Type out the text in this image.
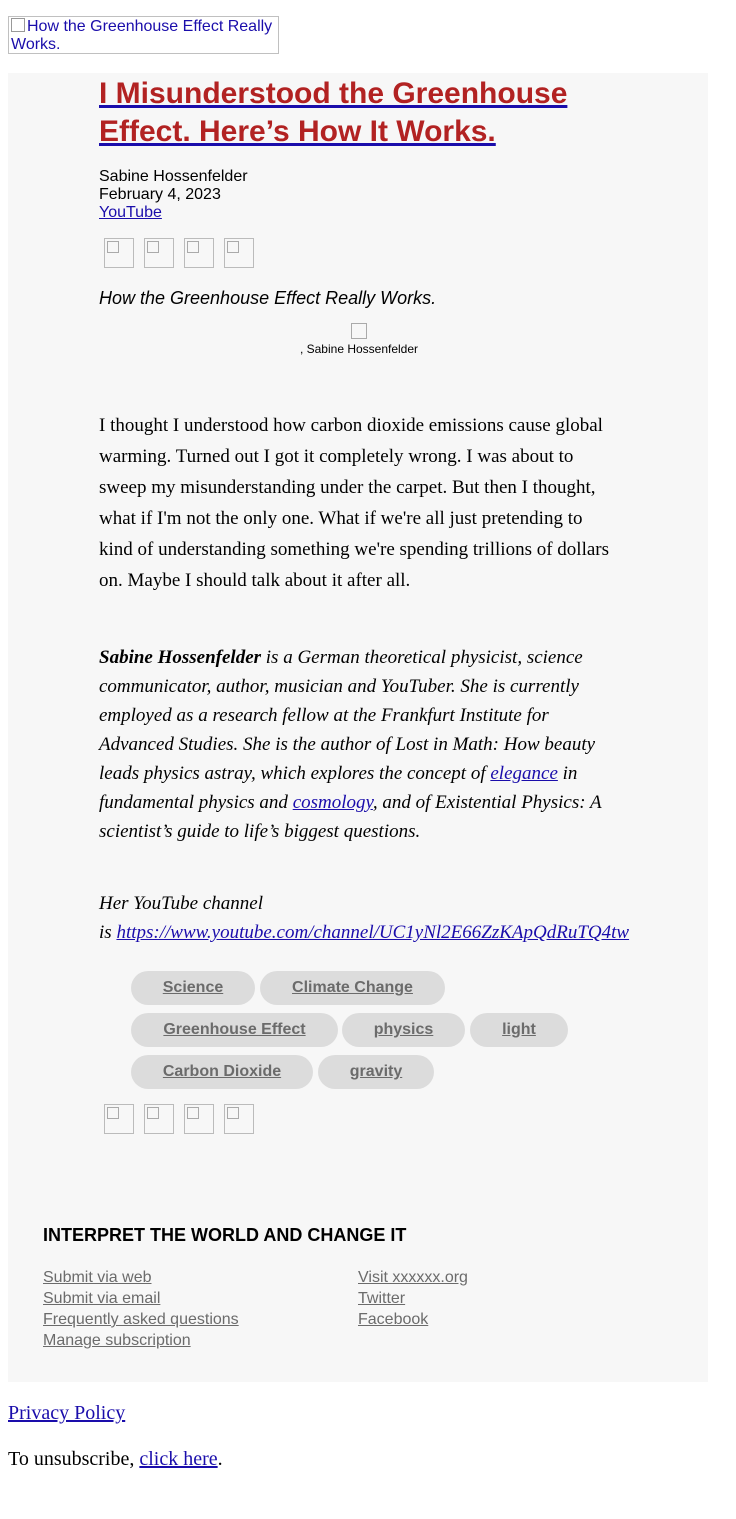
How the Greenhouse Effect Really Works.
I Misunderstood the Greenhouse Effect. Here’s How It Works.
Sabine Hossenfelder
February 4, 2023
YouTube
How the Greenhouse Effect Really Works.
, Sabine Hossenfelder

I thought I understood how carbon dioxide emissions cause global warming. Turned out I got it completely wrong. I was about to sweep my misunderstanding under the carpet. But then I thought, what if I'm not the only one. What if we're all just pretending to kind of understanding something we're spending trillions of dollars on. Maybe I should talk about it after all.

Sabine Hossenfelder is a German theoretical physicist, science communicator, author, musician and YouTuber. She is currently employed as a research fellow at the Frankfurt Institute for Advanced Studies. She is the author of Lost in Math: How beauty leads physics astray, which explores the concept of elegance in fundamental physics and cosmology, and of Existential Physics: A scientist’s guide to life’s biggest questions.

Her YouTube channel
is https://www.youtube.com/channel/UC1yNl2E66ZzKApQdRuTQ4tw
Science	Climate Change
Greenhouse Effect	physics	light
Carbon Dioxide	gravity
INTERPRET THE WORLD AND CHANGE IT
Submit via web
Submit via email
Frequently asked questions
Manage subscription
Visit xxxxxx.org
Twitter
Facebook
Privacy Policy
To unsubscribe, click here.
